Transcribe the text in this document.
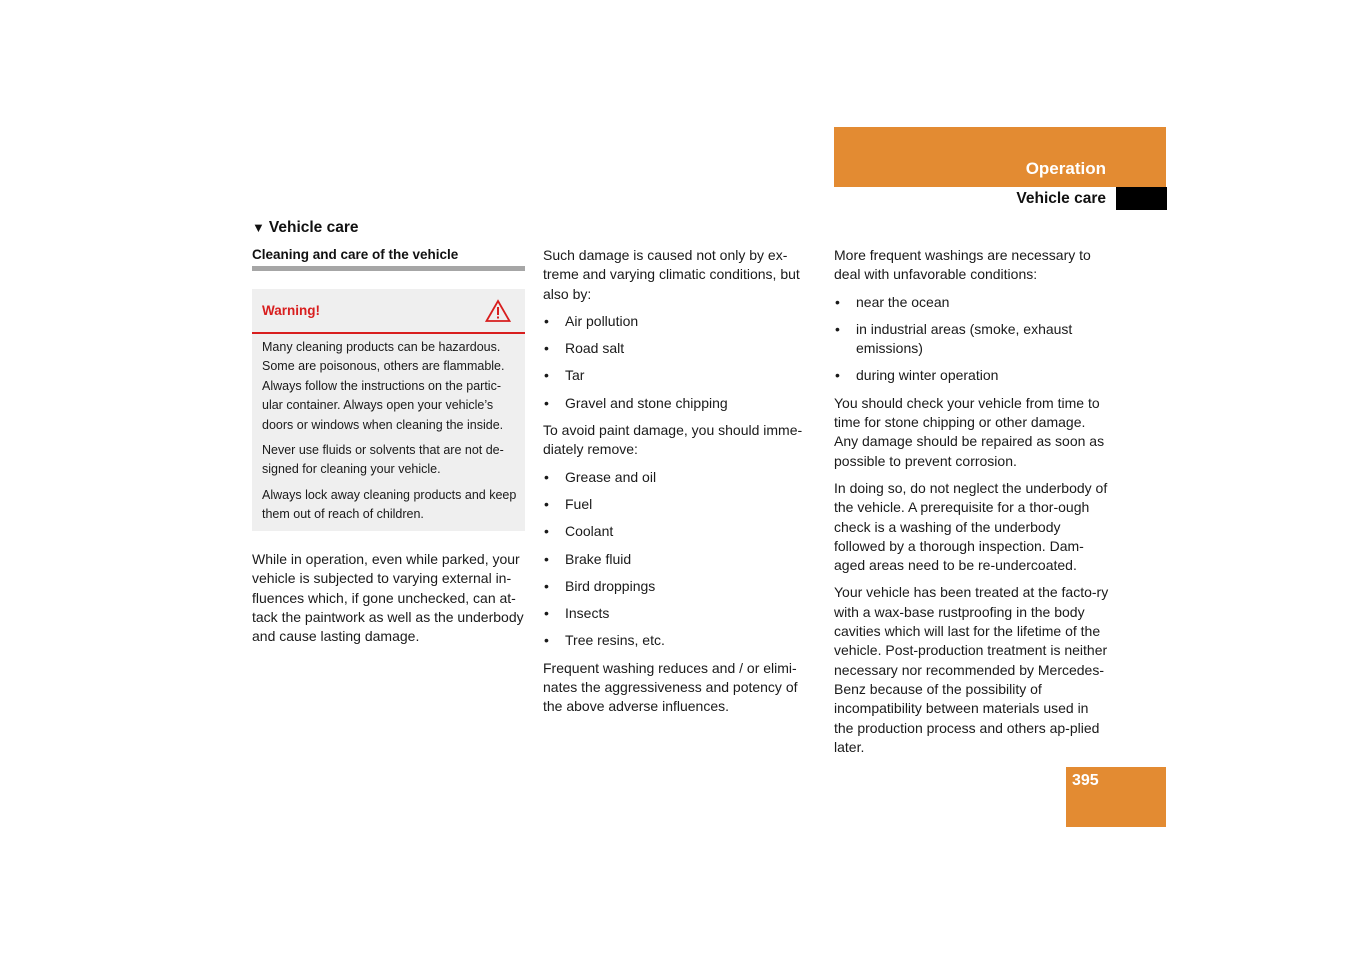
Operation
Vehicle care
▼ Vehicle care
Cleaning and care of the vehicle
Warning!

Many cleaning products can be hazardous. Some are poisonous, others are flammable. Always follow the instructions on the partic-ular container. Always open your vehicle’s doors or windows when cleaning the inside.

Never use fluids or solvents that are not de-signed for cleaning your vehicle.

Always lock away cleaning products and keep them out of reach of children.

While in operation, even while parked, your vehicle is subjected to varying external in-fluences which, if gone unchecked, can at-tack the paintwork as well as the underbody and cause lasting damage.

Such damage is caused not only by ex-treme and varying climatic conditions, but also by:

• Air pollution
• Road salt
• Tar
• Gravel and stone chipping

To avoid paint damage, you should imme-diately remove:

• Grease and oil
• Fuel
• Coolant
• Brake fluid
• Bird droppings
• Insects
• Tree resins, etc.

Frequent washing reduces and / or elimi-nates the aggressiveness and potency of the above adverse influences.

More frequent washings are necessary to deal with unfavorable conditions:

• near the ocean
• in industrial areas (smoke, exhaust emissions)
• during winter operation

You should check your vehicle from time to time for stone chipping or other damage. Any damage should be repaired as soon as possible to prevent corrosion.

In doing so, do not neglect the underbody of the vehicle. A prerequisite for a thor-ough check is a washing of the underbody followed by a thorough inspection. Dam-aged areas need to be re-undercoated.

Your vehicle has been treated at the facto-ry with a wax-base rustproofing in the body cavities which will last for the lifetime of the vehicle. Post-production treatment is neither necessary nor recommended by Mercedes-Benz because of the possibility of incompatibility between materials used in the production process and others ap-plied later.

395
